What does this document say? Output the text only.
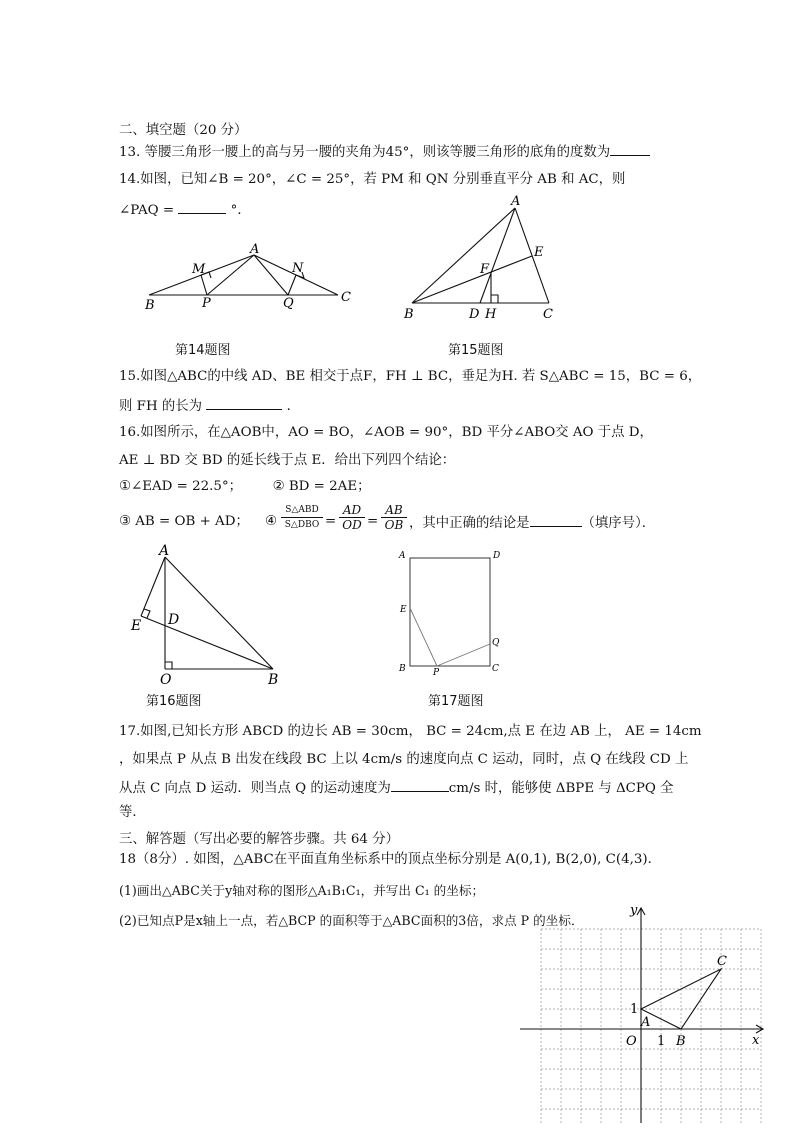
二、填空题（20 分）
13. 等腰三角形一腰上的高与另一腰的夹角为45°，则该等腰三角形的底角的度数为
14.如图，已知∠B = 20°，∠C = 25°，若 PM 和 QN 分别垂直平分 AB 和 AC，则
∠PAQ =	°．
M
A
N
B	P	Q	C
A
E
F
B	D H	C
第14题图	第15题图
15.如图△ABC的中线 AD、BE 相交于点F，FH ⊥ BC，垂足为H. 若 S△ABC = 15，BC = 6，
则 FH 的长为	．
16.如图所示，在△AOB中，AO = BO，∠AOB = 90°，BD 平分∠ABO交 AO 于点 D，
AE ⊥ BD 交 BD 的延长线于点 E．给出下列四个结论：
①∠EAD = 22.5°； ② BD = 2AE；
③ AB = OB + AD； ④
S△ABD
S△DBO = $\frac{AD}{OD} = \frac{AB}{OB}$ ，其中正确的结论是	（填序号）．
A
E D
O	B
A	D
E
Q
B	P	C
第16题图	第17题图
17.如图,已知长方形 ABCD 的边长 AB = 30cm， BC = 24cm,点 E 在边 AB 上， AE = 14cm
，如果点 P 从点 B 出发在线段 BC 上以 4cm/s 的速度向点 C 运动，同时，点 Q 在线段 CD 上
从点 C 向点 D 运动．则当点 Q 的运动速度为	cm/s 时，能够使 ΔBPE 与 ΔCPQ 全
等．
三、解答题（写出必要的解答步骤。共 64 分）
18（8分）. 如图，△ABC在平面直角坐标系中的顶点坐标分别是 A(0,1), B(2,0), C(4,3)．
(1)画出△ABC关于y轴对称的图形△A₁B₁C₁，并写出 C₁ 的坐标；
(2)已知点P是x轴上一点，若△BCP 的面积等于△ABC面积的3倍，求点 P 的坐标．
y
x
O 1
1
A
B
C
